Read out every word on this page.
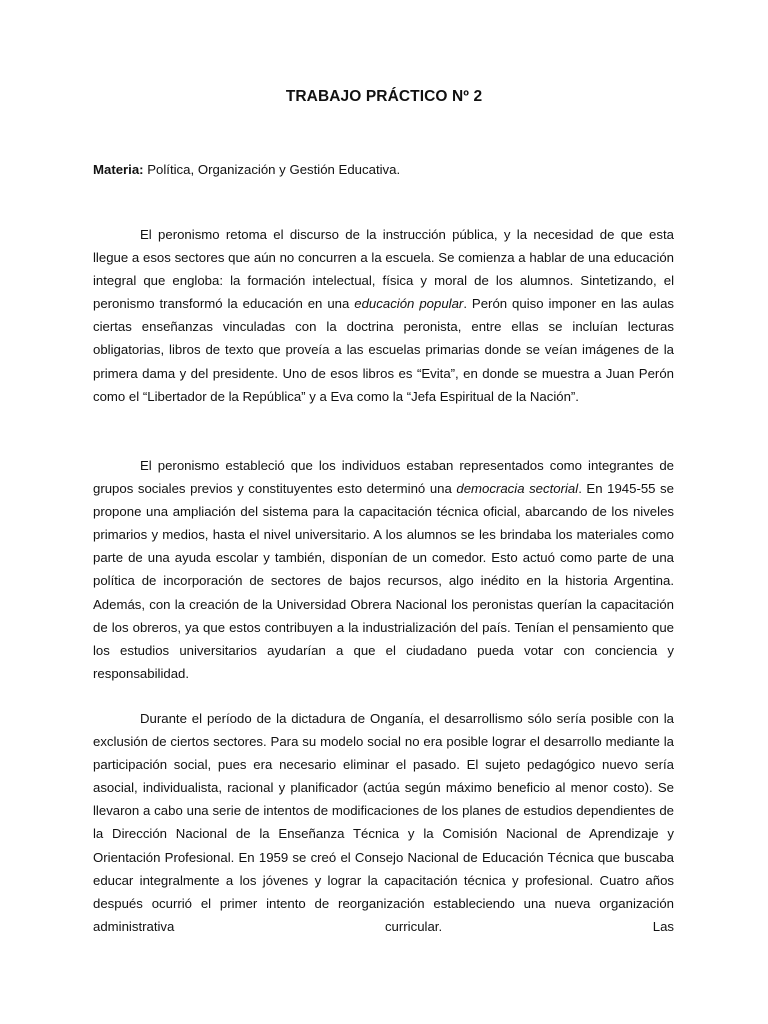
TRABAJO PRÁCTICO Nº 2
Materia: Política, Organización y Gestión Educativa.

El peronismo retoma el discurso de la instrucción pública, y la necesidad de que esta llegue a esos sectores que aún no concurren a la escuela. Se comienza a hablar de una educación integral que engloba: la formación intelectual, física y moral de los alumnos. Sintetizando, el peronismo transformó la educación en una educación popular. Perón quiso imponer en las aulas ciertas enseñanzas vinculadas con la doctrina peronista, entre ellas se incluían lecturas obligatorias, libros de texto que proveía a las escuelas primarias donde se veían imágenes de la primera dama y del presidente. Uno de esos libros es “Evita”, en donde se muestra a Juan Perón como el “Libertador de la República” y a Eva como la “Jefa Espiritual de la Nación”.

El peronismo estableció que los individuos estaban representados como integrantes de grupos sociales previos y constituyentes esto determinó una democracia sectorial. En 1945-55 se propone una ampliación del sistema para la capacitación técnica oficial, abarcando de los niveles primarios y medios, hasta el nivel universitario. A los alumnos se les brindaba los materiales como parte de una ayuda escolar y también, disponían de un comedor. Esto actuó como parte de una política de incorporación de sectores de bajos recursos, algo inédito en la historia Argentina. Además, con la creación de la Universidad Obrera Nacional los peronistas querían la capacitación de los obreros, ya que estos contribuyen a la industrialización del país. Tenían el pensamiento que los estudios universitarios ayudarían a que el ciudadano pueda votar con conciencia y responsabilidad.

Durante el período de la dictadura de Onganía, el desarrollismo sólo sería posible con la exclusión de ciertos sectores. Para su modelo social no era posible lograr el desarrollo mediante la participación social, pues era necesario eliminar el pasado. El sujeto pedagógico nuevo sería asocial, individualista, racional y planificador (actúa según máximo beneficio al menor costo). Se llevaron a cabo una serie de intentos de modificaciones de los planes de estudios dependientes de la Dirección Nacional de la Enseñanza Técnica y la Comisión Nacional de Aprendizaje y Orientación Profesional. En 1959 se creó el Consejo Nacional de Educación Técnica que buscaba educar integralmente a los jóvenes y lograr la capacitación técnica y profesional. Cuatro años después ocurrió el primer intento de reorganización estableciendo una nueva organización administrativa curricular. Las
